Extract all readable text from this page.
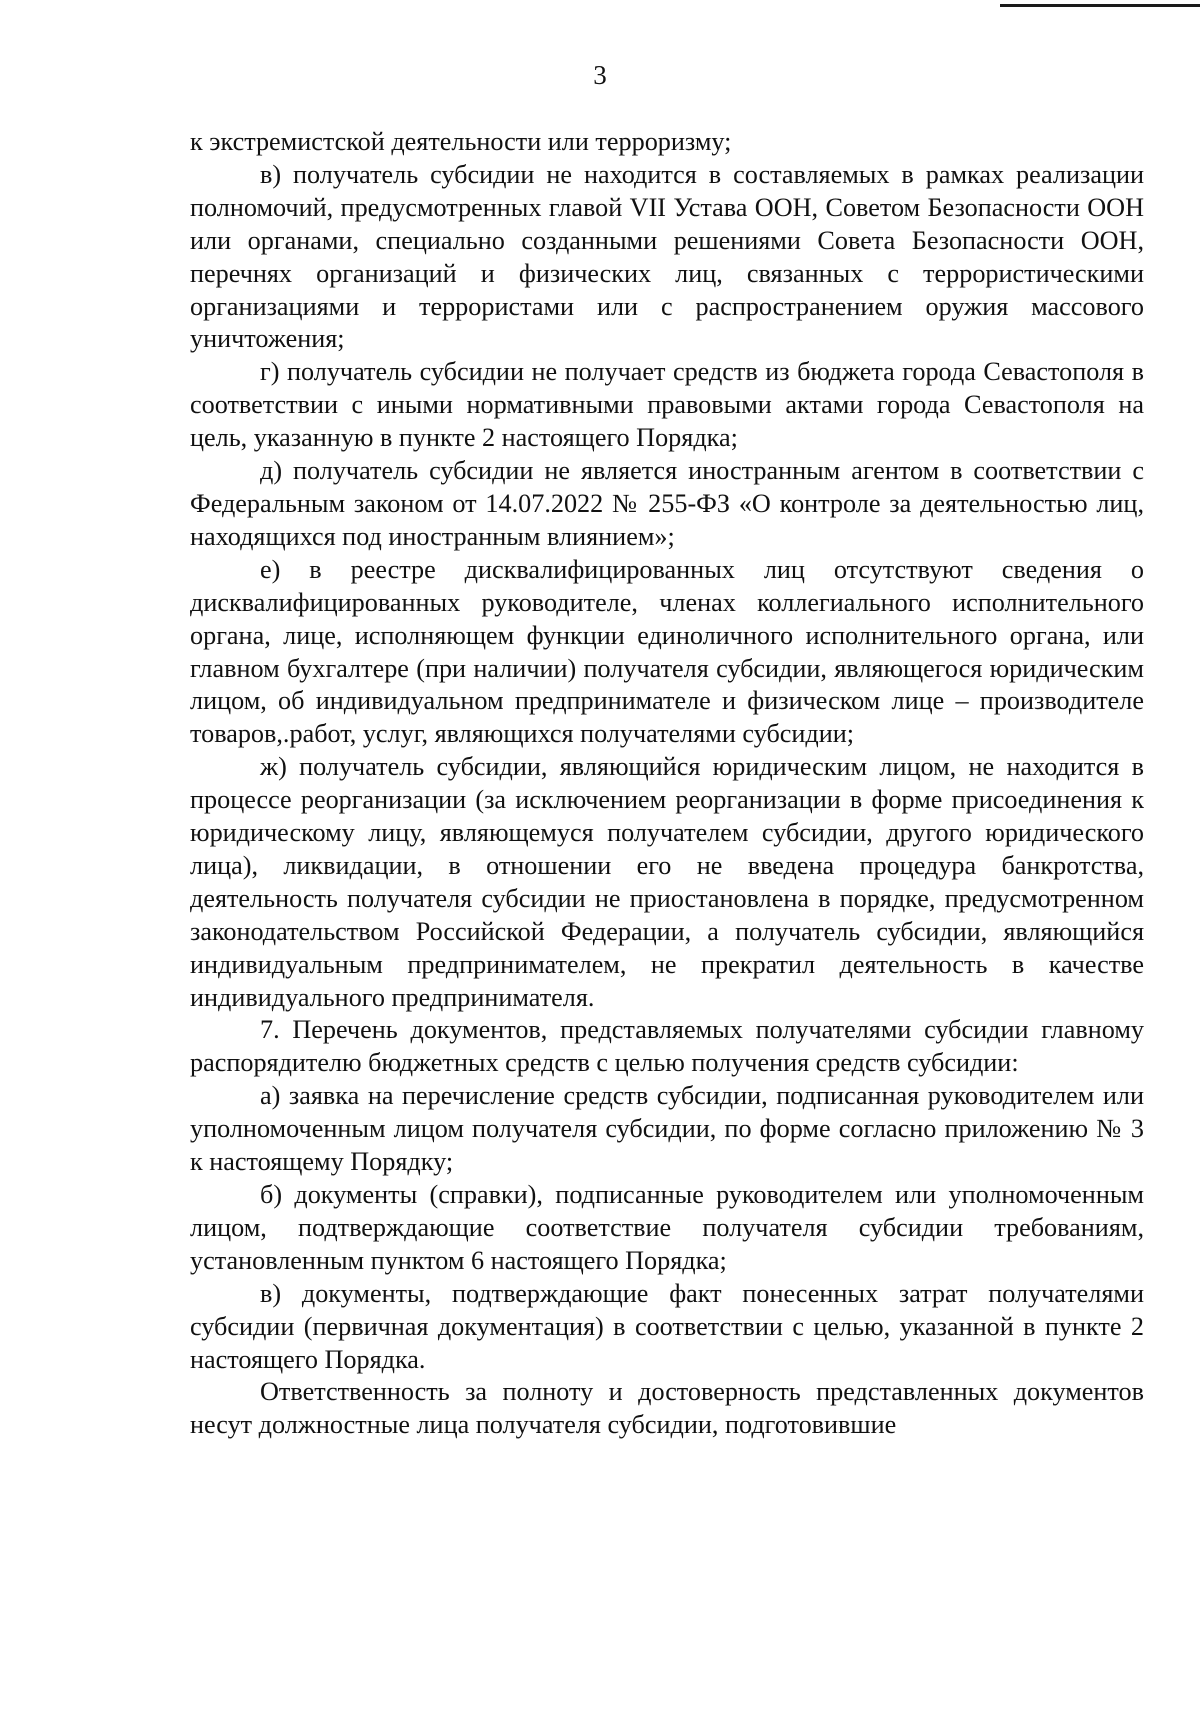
3

к экстремистской деятельности или терроризму;

в) получатель субсидии не находится в составляемых в рамках реализации полномочий, предусмотренных главой VII Устава ООН, Советом Безопасности ООН или органами, специально созданными решениями Совета Безопасности ООН, перечнях организаций и физических лиц, связанных с террористическими организациями и террористами или с распространением оружия массового уничтожения;

г) получатель субсидии не получает средств из бюджета города Севастополя в соответствии с иными нормативными правовыми актами города Севастополя на цель, указанную в пункте 2 настоящего Порядка;

д) получатель субсидии не является иностранным агентом в соответствии с Федеральным законом от 14.07.2022 № 255-ФЗ «О контроле за деятельностью лиц, находящихся под иностранным влиянием»;

е) в реестре дисквалифицированных лиц отсутствуют сведения о дисквалифицированных руководителе, членах коллегиального исполнительного органа, лице, исполняющем функции единоличного исполнительного органа, или главном бухгалтере (при наличии) получателя субсидии, являющегося юридическим лицом, об индивидуальном предпринимателе и физическом лице – производителе товаров,.работ, услуг, являющихся получателями субсидии;

ж) получатель субсидии, являющийся юридическим лицом, не находится в процессе реорганизации (за исключением реорганизации в форме присоединения к юридическому лицу, являющемуся получателем субсидии, другого юридического лица), ликвидации, в отношении его не введена процедура банкротства, деятельность получателя субсидии не приостановлена в порядке, предусмотренном законодательством Российской Федерации, а получатель субсидии, являющийся индивидуальным предпринимателем, не прекратил деятельность в качестве индивидуального предпринимателя.

7. Перечень документов, представляемых получателями субсидии главному распорядителю бюджетных средств с целью получения средств субсидии:

а) заявка на перечисление средств субсидии, подписанная руководителем или уполномоченным лицом получателя субсидии, по форме согласно приложению № 3 к настоящему Порядку;

б) документы (справки), подписанные руководителем или уполномоченным лицом, подтверждающие соответствие получателя субсидии требованиям, установленным пунктом 6 настоящего Порядка;

в) документы, подтверждающие факт понесенных затрат получателями субсидии (первичная документация) в соответствии с целью, указанной в пункте 2 настоящего Порядка.

Ответственность за полноту и достоверность представленных документов несут должностные лица получателя субсидии, подготовившие
